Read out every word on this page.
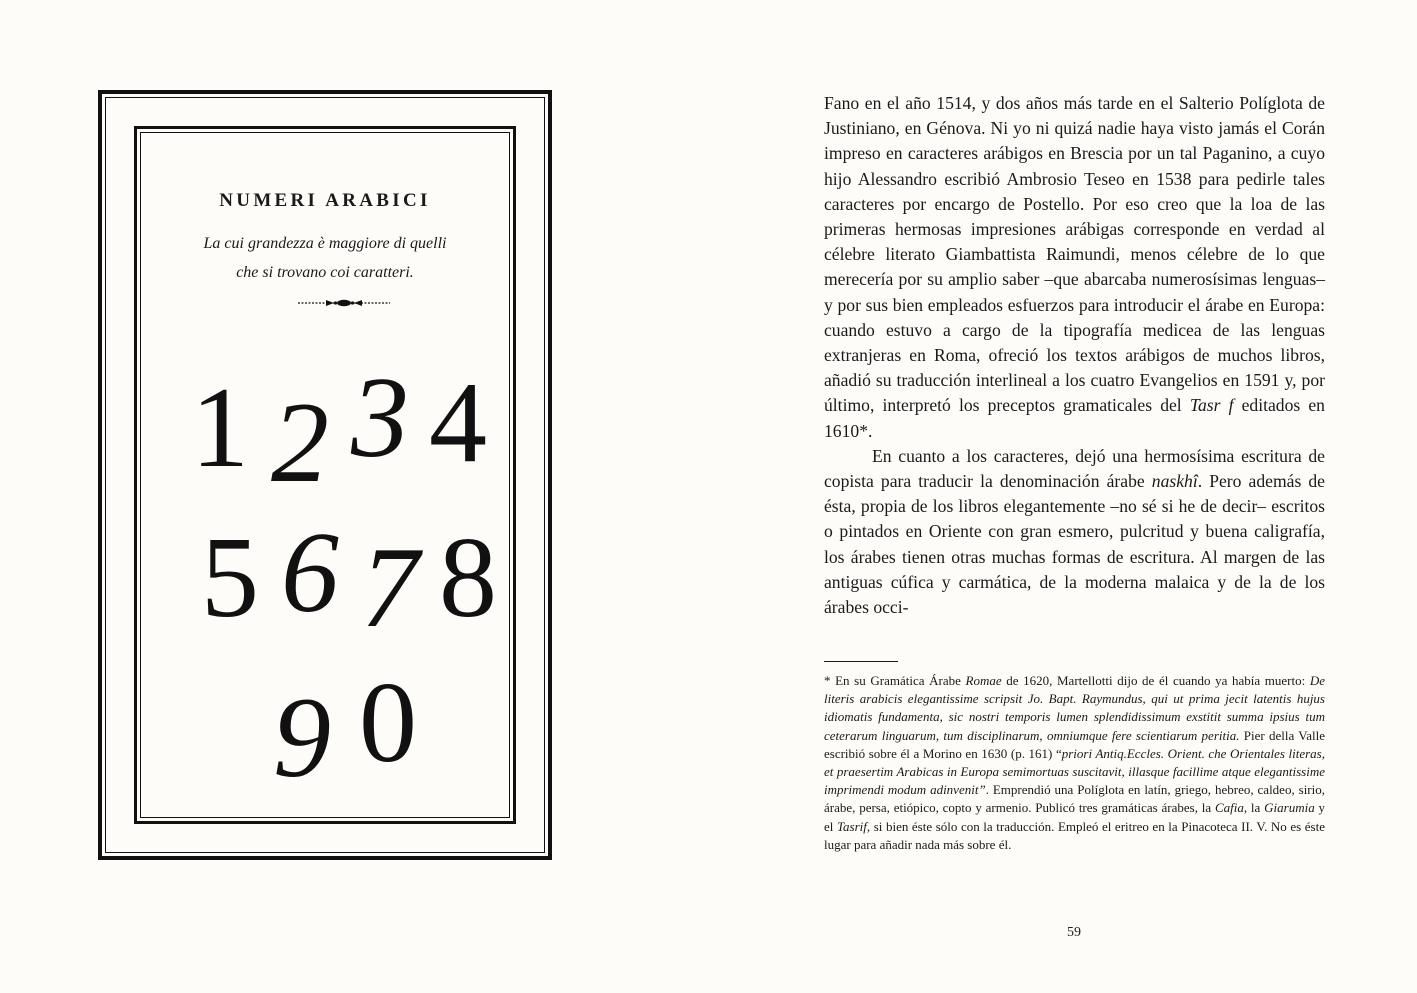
NUMERI ARABICI

La cui grandezza è maggiore di quelli
che si trovano coi caratteri.

1 2 3 4
5 6 7 8
9 0

Fano en el año 1514, y dos años más tarde en el Salterio Políglota de Justiniano, en Génova. Ni yo ni quizá nadie haya visto jamás el Corán impreso en caracteres arábigos en Brescia por un tal Paganino, a cuyo hijo Alessandro escribió Ambrosio Teseo en 1538 para pedirle tales caracteres por encargo de Postello. Por eso creo que la loa de las primeras hermosas impresiones arábigas corresponde en verdad al célebre literato Giambattista Raimundi, menos célebre de lo que merecería por su amplio saber –que abarcaba numerosísimas lenguas– y por sus bien empleados esfuerzos para introducir el árabe en Europa: cuando estuvo a cargo de la tipografía medicea de las lenguas extranjeras en Roma, ofreció los textos arábigos de muchos libros, añadió su traducción interlineal a los cuatro Evangelios en 1591 y, por último, interpretó los preceptos gramaticales del Tasr f editados en 1610*.

En cuanto a los caracteres, dejó una hermosísima escritura de copista para traducir la denominación árabe naskhî. Pero además de ésta, propia de los libros elegantemente –no sé si he de decir– escritos o pintados en Oriente con gran esmero, pulcritud y buena caligrafía, los árabes tienen otras muchas formas de escritura. Al margen de las antiguas cúfica y carmática, de la moderna malaica y de la de los árabes occi-

* En su Gramática Árabe Romae de 1620, Martellotti dijo de él cuando ya había muerto: De literis arabicis elegantissime scripsit Jo. Bapt. Raymundus, qui ut prima jecit latentis hujus idiomatis fundamenta, sic nostri temporis lumen splendidissimum exstitit summa ipsius tum ceterarum linguarum, tum disciplinarum, omniumque fere scientiarum peritia. Pier della Valle escribió sobre él a Morino en 1630 (p. 161) “priori Antiq.Eccles. Orient. che Orientales literas, et praesertim Arabicas in Europa semimortuas suscitavit, illasque facillime atque elegantissime imprimendi modum adinvenit”. Emprendió una Políglota en latín, griego, hebreo, caldeo, sirio, árabe, persa, etiópico, copto y armenio. Publicó tres gramáticas árabes, la Cafia, la Giarumia y el Tasrif, si bien éste sólo con la traducción. Empleó el eritreo en la Pinacoteca II. V. No es éste lugar para añadir nada más sobre él.

59
